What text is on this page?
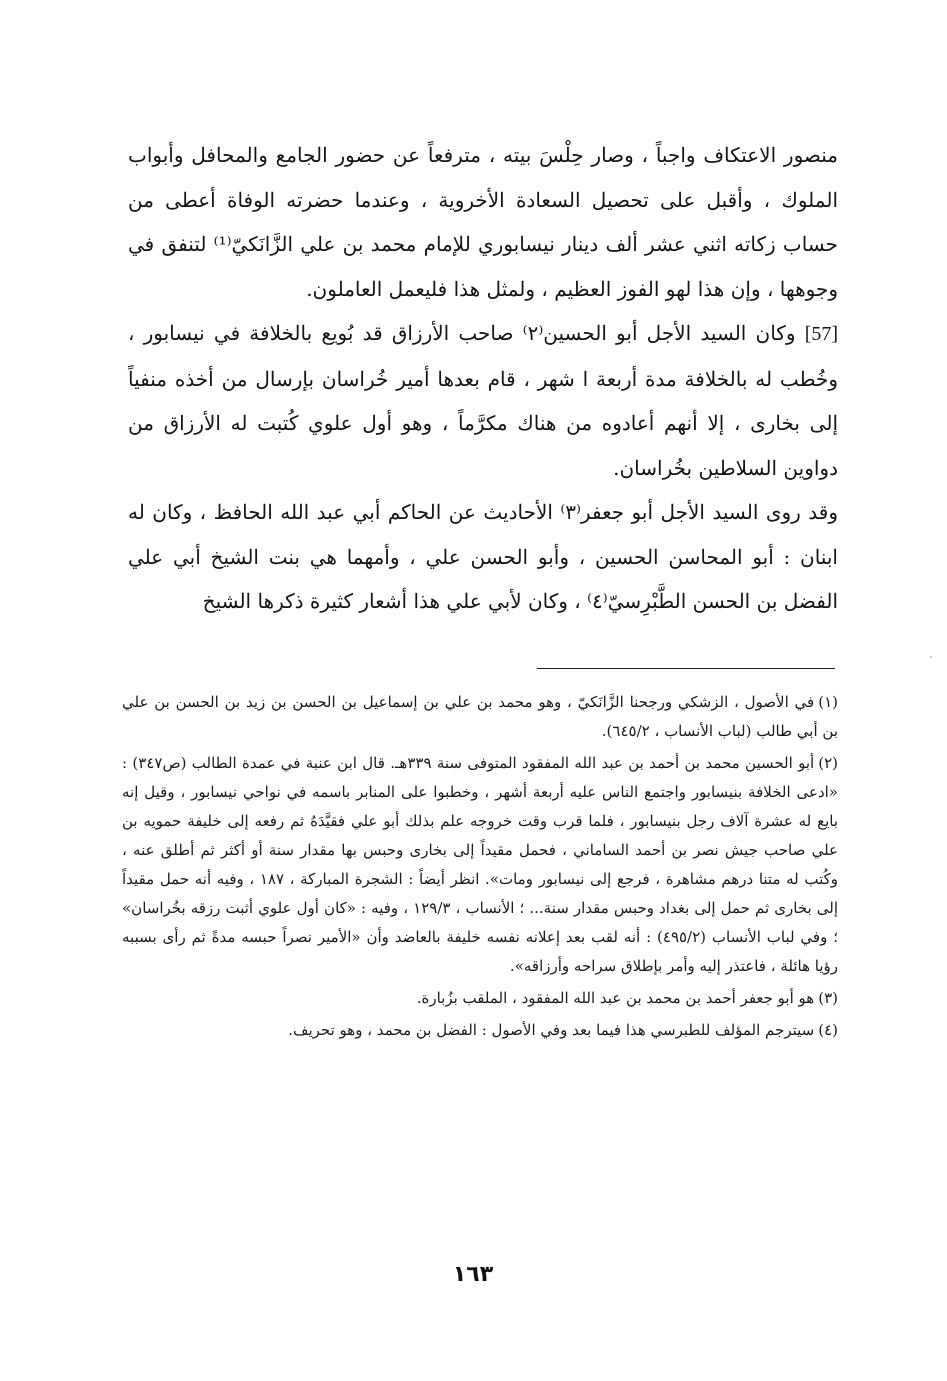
منصور الاعتكاف واجباً ، وصار حِلْسَ بيته ، مترفعاً عن حضور الجامع والمحافل وأبواب الملوك ، وأقبل على تحصيل السعادة الأخروية ، وعندما حضرته الوفاة أعطى من حساب زكاته اثني عشر ألف دينار نيسابوري للإمام محمد بن علي الزَّانَكيّ⁽¹⁾ لتنفق في وجوهها ، وإن هذا لهو الفوز العظيم ، ولمثل هذا فليعمل العاملون.

[57] وكان السيد الأجل أبو الحسين⁽٢⁾ صاحب الأرزاق قد بُويع بالخلافة في نيسابور ، وخُطب له بالخلافة مدة أربعة ا شهر ، قام بعدها أمير خُراسان بإرسال من أخذه منفياً إلى بخارى ، إلا أنهم أعادوه من هناك مكرَّماً ، وهو أول علوي كُتبت له الأرزاق من دواوين السلاطين بخُراسان.

وقد روى السيد الأجل أبو جعفر⁽٣⁾ الأحاديث عن الحاكم أبي عبد الله الحافظ ، وكان له ابنان : أبو المحاسن الحسين ، وأبو الحسن علي ، وأمهما هي بنت الشيخ أبي علي الفضل بن الحسن الطَّبْرِسيّ⁽٤⁾ ، وكان لأبي علي هذا أشعار كثيرة ذكرها الشيخ

(١)في الأصول ، الزشكي ورجحنا الزَّانَكيّ ، وهو محمد بن علي بن إسماعيل بن الحسن بن زيد بن الحسن بن علي بن أبي طالب (لباب الأنساب ، ٦٤٥/٢).

(٢)أبو الحسين محمد بن أحمد بن عبد الله المفقود المتوفى سنة ٣٣٩هـ. قال ابن عنبة في عمدة الطالب (ص٣٤٧) : «ادعى الخلافة بنيسابور واجتمع الناس عليه أربعة أشهر ، وخطبوا على المنابر باسمه في نواحي نيسابور ، وقيل إنه بايع له عشرة آلاف رجل بنيسابور ، فلما قرب وقت خروجه علم بذلك أبو علي فقيَّدَهُ ثم رفعه إلى خليفة حمويه بن علي صاحب جيش نصر بن أحمد الساماني ، فحمل مقيداً إلى بخارى وحبس بها مقدار سنة أو أكثر ثم أطلق عنه ، وكُتب له متنا درهم مشاهرة ، فرجع إلى نيسابور ومات». انظر أيضاً : الشجرة المباركة ، ١٨٧ ، وفيه أنه حمل مقيداً إلى بخارى ثم حمل إلى بغداد وحبس مقدار سنة... ؛ الأنساب ، ١٢٩/٣ ، وفيه : «كان أول علوي أثبت رزقه بخُراسان» ؛ وفي لباب الأنساب (٤٩٥/٢) : أنه لقب بعد إعلانه نفسه خليفة بالعاضد وأن «الأمير نصراً حبسه مدةً ثم رأى بسببه رؤيا هائلة ، فاعتذر إليه وأمر بإطلاق سراحه وأرزاقه».

(٣)هو أبو جعفر أحمد بن محمد بن عبد الله المفقود ، الملقب بزُبارة.

(٤)سيترجم المؤلف للطبرسي هذا فيما بعد وفي الأصول : الفضل بن محمد ، وهو تحريف.

١٦٣
